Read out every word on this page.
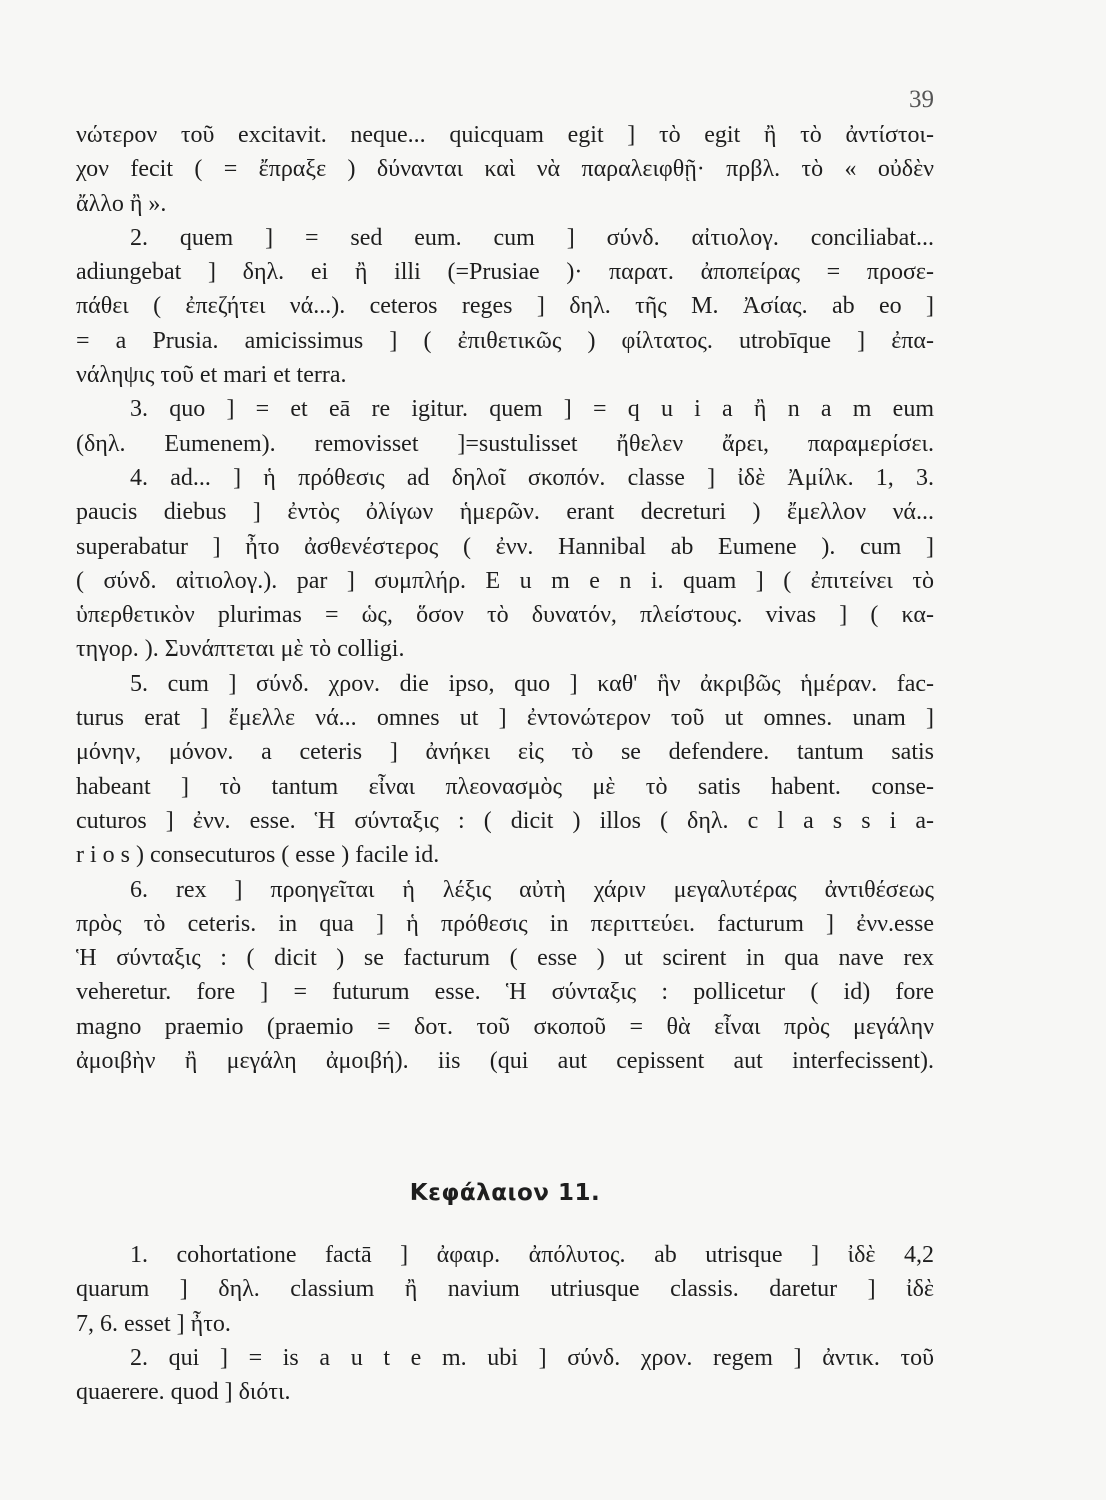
39
νώτερον τοῦ excitavit. neque... quicquam egit ] τὸ egit ἢ τὸ ἀντίστοι-
χον fecit ( = ἔπραξε ) δύνανται καὶ νὰ παραλειφθῇ· πρβλ. τὸ « οὐδὲν
ἄλλο ἢ ».
2. quem ] = sed eum. cum ] σύνδ. αἰτιολογ. conciliabat...
adiungebat ] δηλ. ei ἢ illi (=Prusiae )· παρατ. ἀποπείρας = προσε-
πάθει ( ἐπεζήτει νά...). ceteros reges ] δηλ. τῆς Μ. Ἀσίας. ab eo ]
= a Prusia. amicissimus ] ( ἐπιθετικῶς ) φίλτατος. utrobīque ] ἐπα-
νάληψις τοῦ et mari et terra.
3. quo ] = et eā re igitur. quem ] = q u i a ἢ n a m eum
(δηλ. Eumenem). removisset ]=sustulisset ἤθελεν ἄρει, παραμερίσει.
4. ad... ] ἡ πρόθεσις ad δηλοῖ σκοπόν. classe ] ἰδὲ Ἀμίλκ. 1, 3.
paucis diebus ] ἐντὸς ὀλίγων ἡμερῶν. erant decreturi ) ἔμελλον νά...
superabatur ] ἦτο ἀσθενέστερος ( ἐνν. Hannibal ab Eumene ). cum ]
( σύνδ. αἰτιολογ.). par ] συμπλήρ. E u m e n i. quam ] ( ἐπιτείνει τὸ
ὑπερθετικὸν plurimas = ὡς, ὅσον τὸ δυνατόν, πλείστους. vivas ] ( κα-
τηγορ. ). Συνάπτεται μὲ τὸ colligi.
5. cum ] σύνδ. χρον. die ipso, quo ] καθ' ἣν ἀκριβῶς ἡμέραν. fac-
turus erat ] ἔμελλε νά... omnes ut ] ἐντονώτερον τοῦ ut omnes. unam ]
μόνην, μόνον. a ceteris ] ἀνήκει εἰς τὸ se defendere. tantum satis
habeant ] τὸ tantum εἶναι πλεονασμὸς μὲ τὸ satis habent. conse-
cuturos ] ἐνν. esse. Ἡ σύνταξις : ( dicit ) illos ( δηλ. c l a s s i a-
r i o s ) consecuturos ( esse ) facile id.
6. rex ] προηγεῖται ἡ λέξις αὐτὴ χάριν μεγαλυτέρας ἀντιθέσεως
πρὸς τὸ ceteris. in qua ] ἡ πρόθεσις in περιττεύει. facturum ] ἐνν.esse
Ἡ σύνταξις : ( dicit ) se facturum ( esse ) ut scirent in qua nave rex
veheretur. fore ] = futurum esse. Ἡ σύνταξις : pollicetur ( id) fore
magno praemio (praemio = δοτ. τοῦ σκοποῦ = θὰ εἶναι πρὸς μεγάλην
ἀμοιβὴν ἢ μεγάλη ἀμοιβή). iis (qui aut cepissent aut interfecissent).
Κεφάλαιον 11.
1. cohortatione factā ] ἀφαιρ. ἀπόλυτος. ab utrisque ] ἰδὲ 4,2
quarum ] δηλ. classium ἢ navium utriusque classis. daretur ] ἰδὲ
7, 6. esset ] ἦτο.
2. qui ] = is a u t e m. ubi ] σύνδ. χρον. regem ] ἀντικ. τοῦ
quaerere. quod ] διότι.
